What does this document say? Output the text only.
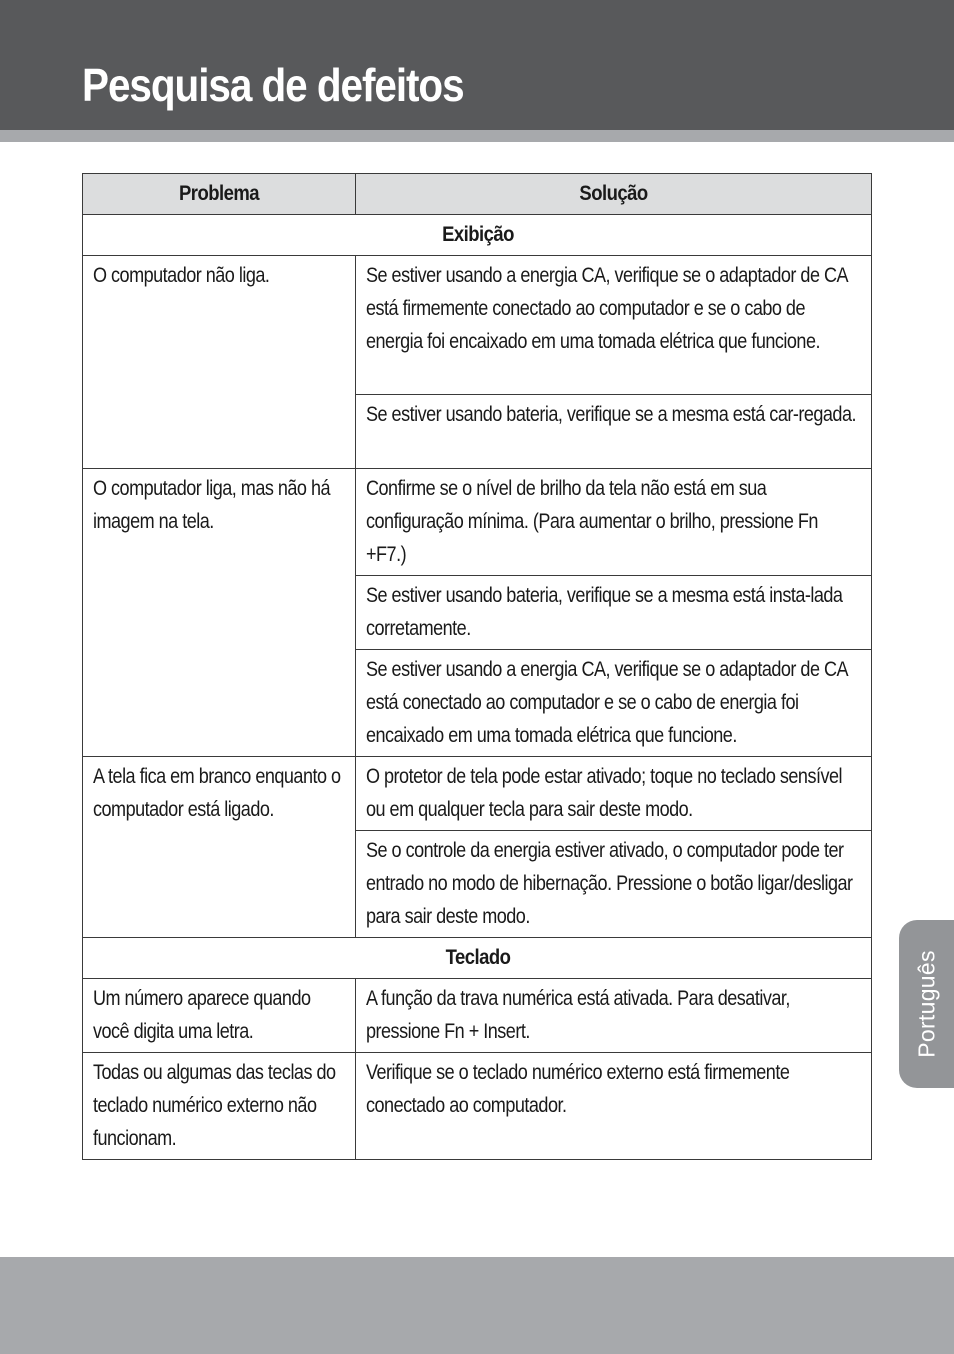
Pesquisa de defeitos
Problema	Solução

Exibição	

O computador não liga.	Se estiver usando a energia CA, verifique se o adaptador de CA está firmemente conectado ao computador e se o cabo de energia foi encaixado em uma tomada elétrica que funcione.

	Se estiver usando bateria, verifique se a mesma está car-regada.

O computador liga, mas não há imagem na tela.	Confirme se o nível de brilho da tela não está em sua configuração mínima. (Para aumentar o brilho, pressione Fn +F7.)

	Se estiver usando bateria, verifique se a mesma está insta-lada corretamente.

	Se estiver usando a energia CA, verifique se o adaptador de CA está conectado ao computador e se o cabo de energia foi encaixado em uma tomada elétrica que funcione.

A tela fica em branco enquanto o computador está ligado.	O protetor de tela pode estar ativado; toque no teclado sensível ou em qualquer tecla para sair deste modo.

	Se o controle da energia estiver ativado, o computador pode ter entrado no modo de hibernação. Pressione o botão ligar/desligar para sair deste modo.

Teclado	

Um número aparece quando você digita uma letra.	A função da trava numérica está ativada. Para desativar, pressione Fn + Insert.

Todas ou algumas das teclas do teclado numérico externo não funcionam.	Verifique se o teclado numérico externo está firmemente conectado ao computador.
Português
